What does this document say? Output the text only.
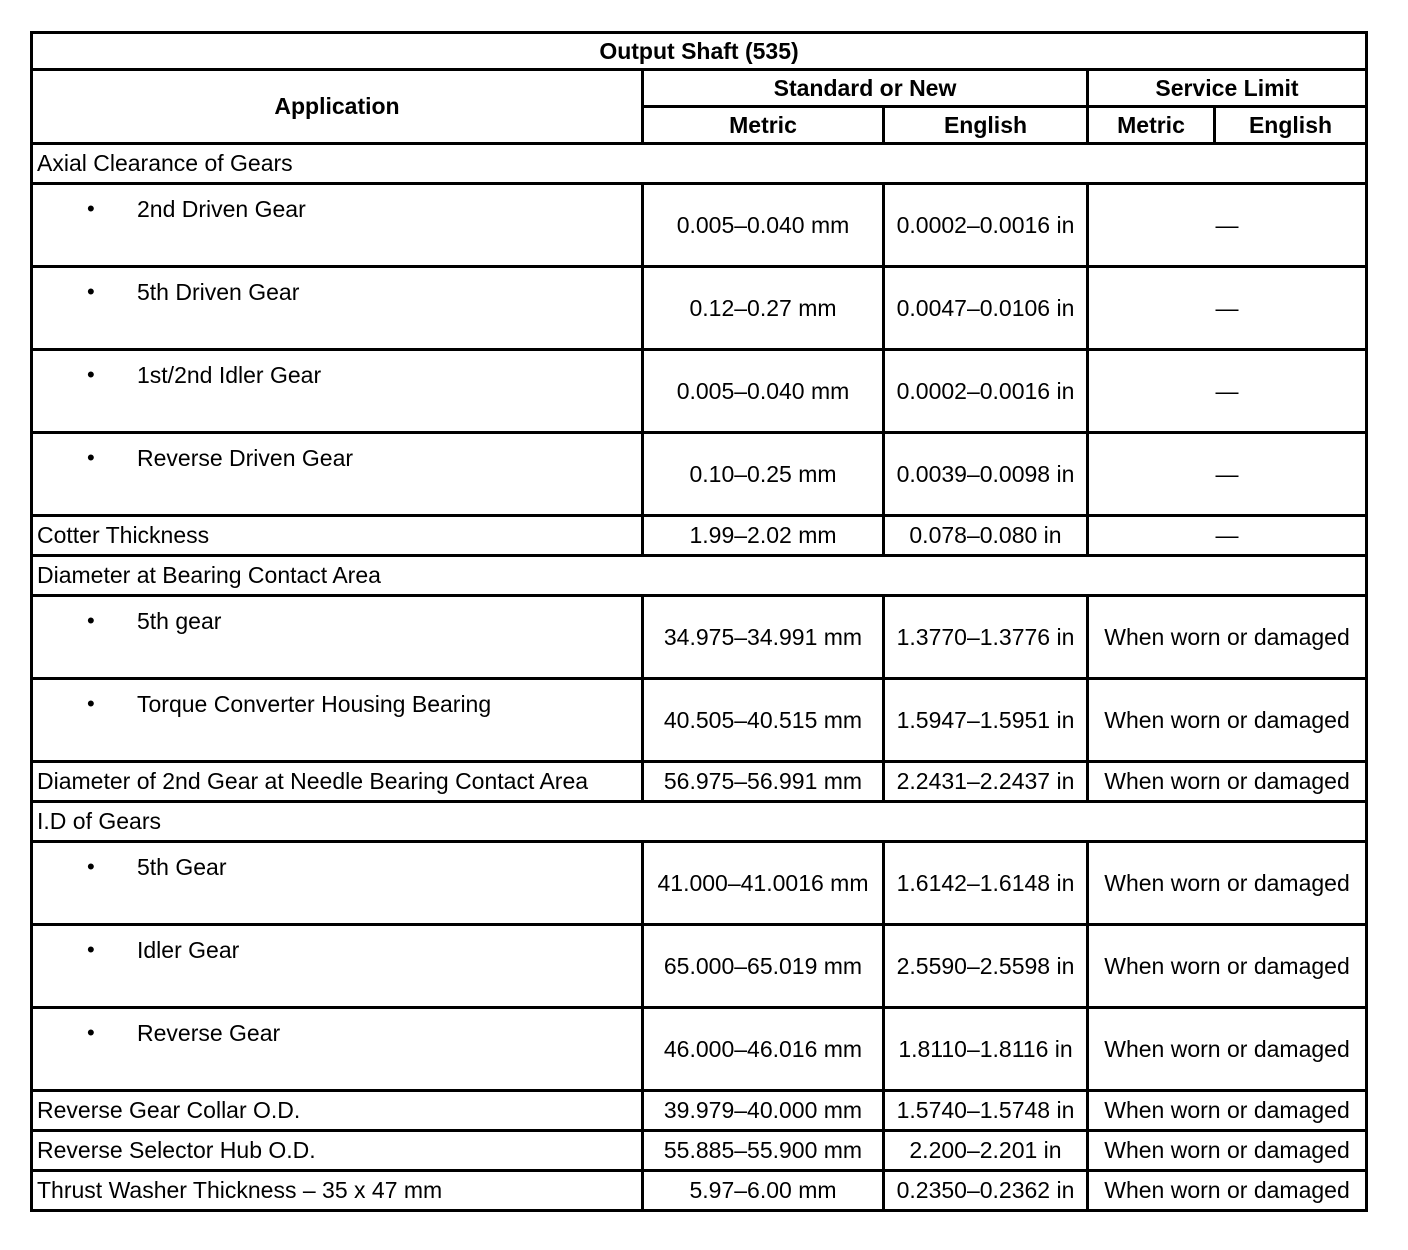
Output Shaft (535)				
Application	Standard or New		Service Limit	
	Metric	English	Metric	English
Axial Clearance of Gears				

• 2nd Driven Gear	0.005–0.040 mm	0.0002–0.0016 in	—	

• 5th Driven Gear	0.12–0.27 mm	0.0047–0.0106 in	—	

• 1st/2nd Idler Gear	0.005–0.040 mm	0.0002–0.0016 in	—	

• Reverse Driven Gear	0.10–0.25 mm	0.0039–0.0098 in	—	
Cotter Thickness	1.99–2.02 mm	0.078–0.080 in	—	
Diameter at Bearing Contact Area				

• 5th gear	34.975–34.991 mm	1.3770–1.3776 in	When worn or damaged	

• Torque Converter Housing Bearing	40.505–40.515 mm	1.5947–1.5951 in	When worn or damaged	
Diameter of 2nd Gear at Needle Bearing Contact Area	56.975–56.991 mm	2.2431–2.2437 in	When worn or damaged	
I.D of Gears				

• 5th Gear	41.000–41.0016 mm	1.6142–1.6148 in	When worn or damaged	

• Idler Gear	65.000–65.019 mm	2.5590–2.5598 in	When worn or damaged	

• Reverse Gear	46.000–46.016 mm	1.8110–1.8116 in	When worn or damaged	
Reverse Gear Collar O.D.	39.979–40.000 mm	1.5740–1.5748 in	When worn or damaged	
Reverse Selector Hub O.D.	55.885–55.900 mm	2.200–2.201 in	When worn or damaged	
Thrust Washer Thickness – 35 x 47 mm	5.97–6.00 mm	0.2350–0.2362 in	When worn or damaged	
